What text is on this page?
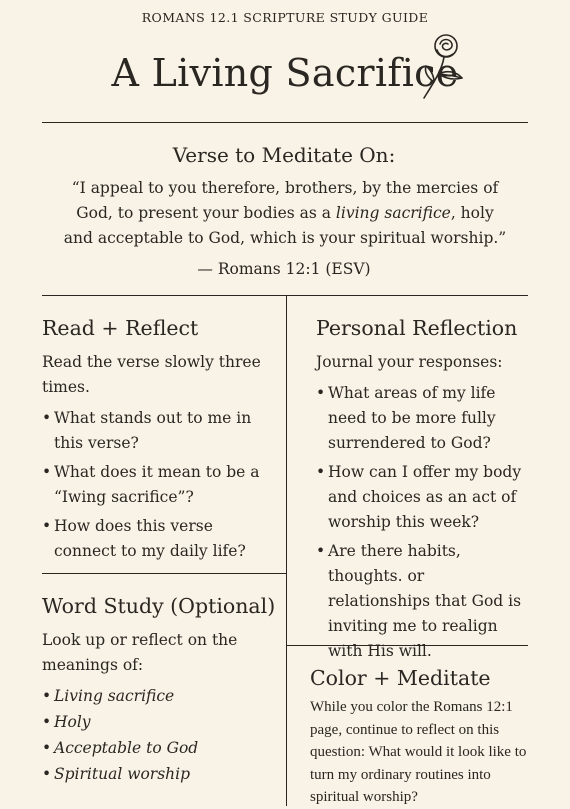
ROMANS 12.1 SCRIPTURE STUDY GUIDE
A Living Sacrifice
Verse to Meditate On:
“I appeal to you therefore, brothers, by the mercies of God, to present your bodies as a living sacrifice, holy and acceptable to God, which is your spiritual worship.”
— Romans 12:1 (ESV)
Read + Reflect
Read the verse slowly three times.
• What stands out to me in this verse?
• What does it mean to be a “Iwing sacrifice”?
• How does this verse connect to my daily life?
Personal Reflection
Journal your responses:
• What areas of my life need to be more fully surrendered to God?
• How can I offer my body and choices as an act of worship this week?
• Are there habits, thoughts. or relationships that God is inviting me to realign with His will.
Word Study (Optional)
Look up or reflect on the meanings of:
• Living sacrifice
• Holy
• Acceptable to God
• Spiritual worship
Color + Meditate
While you color the Romans 12:1 page, continue to reflect on this question: What would it look like to turn my ordinary routines into spiritual worship?
